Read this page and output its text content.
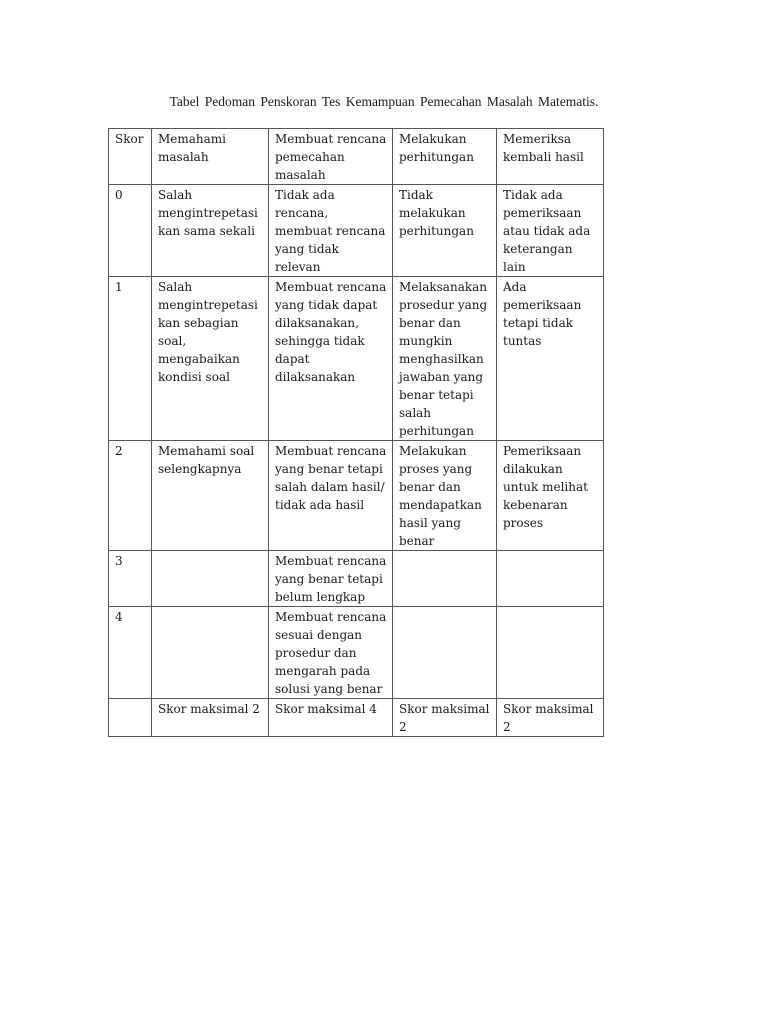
Tabel Pedoman Penskoran Tes Kemampuan Pemecahan Masalah Matematis.
Skor	Memahami masalah	Membuat rencana pemecahan masalah	Melakukan perhitungan	Memeriksa kembali hasil
0	Salah mengintrepetasi kan sama sekali	Tidak ada rencana, membuat rencana yang tidak relevan	Tidak melakukan perhitungan	Tidak ada pemeriksaan atau tidak ada keterangan lain
1	Salah mengintrepetasi kan sebagian soal, mengabaikan kondisi soal	Membuat rencana yang tidak dapat dilaksanakan, sehingga tidak dapat dilaksanakan	Melaksanakan prosedur yang benar dan mungkin menghasilkan jawaban yang benar tetapi salah perhitungan	Ada pemeriksaan tetapi tidak tuntas
2	Memahami soal selengkapnya	Membuat rencana yang benar tetapi salah dalam hasil/ tidak ada hasil	Melakukan proses yang benar dan mendapatkan hasil yang benar	Pemeriksaan dilakukan untuk melihat kebenaran proses
3		Membuat rencana yang benar tetapi belum lengkap		
4		Membuat rencana sesuai dengan prosedur dan mengarah pada solusi yang benar		
	Skor maksimal 2	Skor maksimal 4	Skor maksimal 2	Skor maksimal 2
